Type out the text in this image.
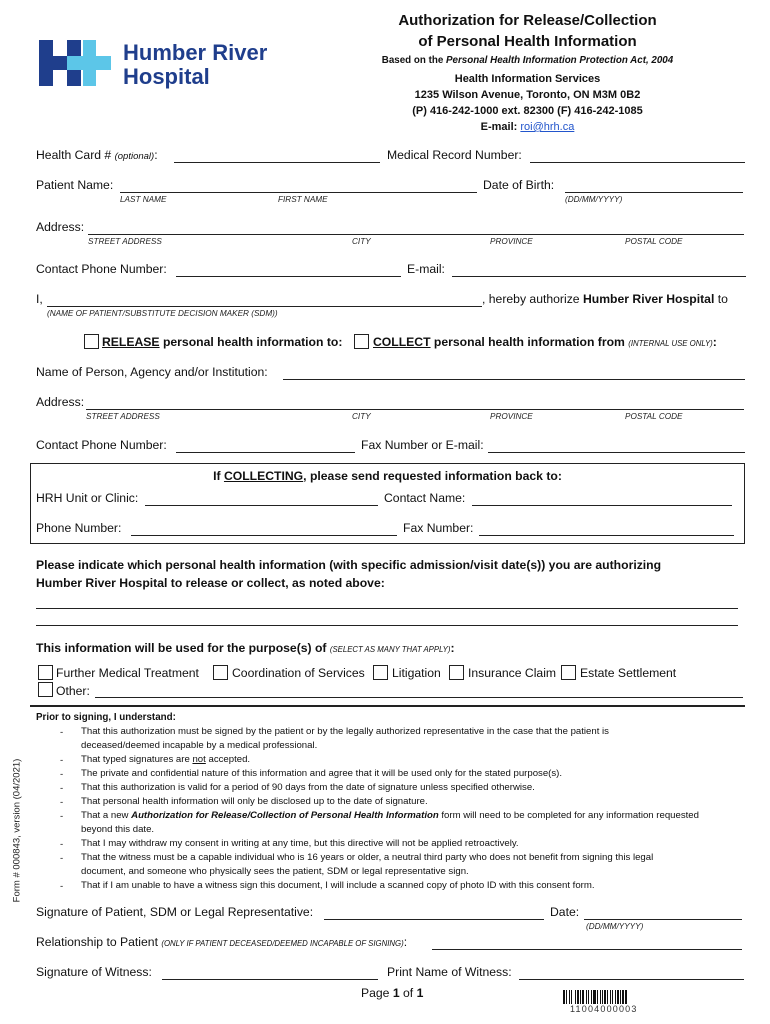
Humber River
Hospital
Authorization for Release/Collection
of Personal Health Information
Based on the Personal Health Information Protection Act, 2004
Health Information Services
1235 Wilson Avenue, Toronto, ON M3M 0B2
(P) 416-242-1000 ext. 82300 (F) 416-242-1085
E-mail: roi@hrh.ca
Health Card # (optional):	Medical Record Number:
Patient Name:
LAST NAME	FIRST NAME
Date of Birth:
(DD/MM/YYYY)
Address:
STREET ADDRESS	CITY	PROVINCE	POSTAL CODE
Contact Phone Number:	E-mail:
I,	, hereby authorize Humber River Hospital to
(NAME OF PATIENT/SUBSTITUTE DECISION MAKER (SDM))
RELEASE personal health information to:	COLLECT personal health information from (INTERNAL USE ONLY):
Name of Person, Agency and/or Institution:
Address:
STREET ADDRESS	CITY	PROVINCE	POSTAL CODE
Contact Phone Number:	Fax Number or E-mail:
If COLLECTING, please send requested information back to:
HRH Unit or Clinic:	Contact Name:
Phone Number:	Fax Number:
Please indicate which personal health information (with specific admission/visit date(s)) you are authorizing
Humber River Hospital to release or collect, as noted above:
This information will be used for the purpose(s) of (SELECT AS MANY THAT APPLY):
Further Medical Treatment	Coordination of Services Litigation Insurance Claim Estate Settlement
Other:
Prior to signing, I understand:
- That this authorization must be signed by the patient or by the legally authorized representative in the case that the patient is
deceased/deemed incapable by a medical professional.
- That typed signatures are not accepted.
- The private and confidential nature of this information and agree that it will be used only for the stated purpose(s).
- That this authorization is valid for a period of 90 days from the date of signature unless specified otherwise.
- That personal health information will only be disclosed up to the date of signature.
- That a new Authorization for Release/Collection of Personal Health Information form will need to be completed for any information requested
beyond this date.
- That I may withdraw my consent in writing at any time, but this directive will not be applied retroactively.
- That the witness must be a capable individual who is 16 years or older, a neutral third party who does not benefit from signing this legal
document, and someone who physically sees the patient, SDM or legal representative sign.
- That if I am unable to have a witness sign this document, I will include a scanned copy of photo ID with this consent form.
Signature of Patient, SDM or Legal Representative:	Date:
(DD/MM/YYYY)
Relationship to Patient (ONLY IF PATIENT DECEASED/DEEMED INCAPABLE OF SIGNING):
Signature of Witness:	Print Name of Witness:
Page 1 of 1
11004000003
Form # 000843, version (04/2021)
